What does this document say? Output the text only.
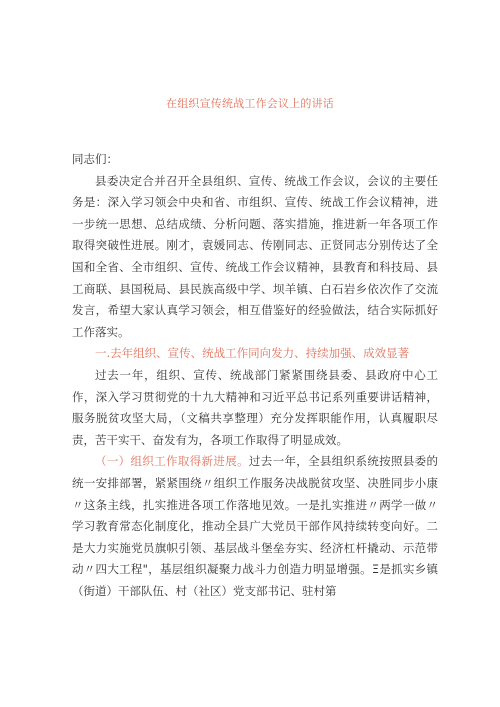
在组织宣传统战工作会议上的讲话

同志们：

县委决定合并召开全县组织、宣传、统战工作会议，会议的主要任务是：深入学习领会中央和省、市组织、宣传、统战工作会议精神，进一步统一思想、总结成绩、分析问题、落实措施，推进新一年各项工作取得突破性进展。刚才，袁媛同志、传刚同志、正贤同志分别传达了全国和全省、全市组织、宣传、统战工作会议精神，县教育和科技局、县工商联、县国税局、县民族高级中学、坝羊镇、白石岩乡依次作了交流发言，希望大家认真学习领会，相互借鉴好的经验做法，结合实际抓好工作落实。

一.去年组织、宣传、统战工作同向发力、持续加强、成效显著

过去一年，组织、宣传、统战部门紧紧围绕县委、县政府中心工作，深入学习贯彻党的十九大精神和习近平总书记系列重要讲话精神，服务脱贫攻坚大局，（文稿共享整理）充分发挥职能作用，认真履职尽责，苦干实干、奋发有为，各项工作取得了明显成效。

（一）组织工作取得新进展。过去一年，全县组织系统按照县委的统一安排部署，紧紧围绕〃组织工作服务决战脱贫攻坚、决胜同步小康〃这条主线，扎实推进各项工作落地见效。一是扎实推进〃两学一做〃学习教育常态化制度化，推动全县广大党员干部作风持续转变向好。二是大力实施党员旗帜引领、基层战斗堡垒夯实、经济杠杆撬动、示范带动〃四大工程"，基层组织凝聚力战斗力创造力明显增强。Ξ是抓实乡镇（街道）干部队伍、村（社区）党支部书记、驻村第
